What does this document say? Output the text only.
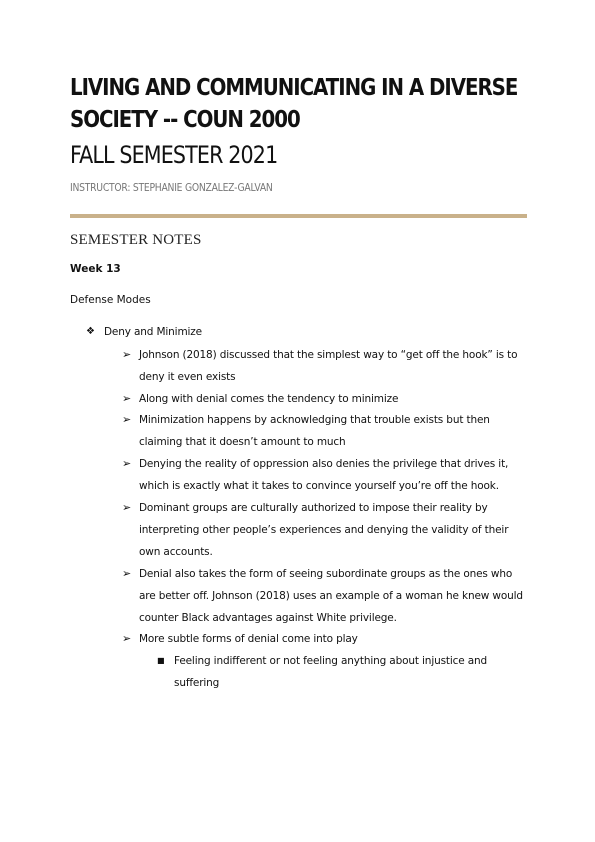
LIVING AND COMMUNICATING IN A DIVERSE
SOCIETY -- COUN 2000
FALL SEMESTER 2021

INSTRUCTOR: STEPHANIE GONZALEZ-GALVAN

SEMESTER NOTES

Week 13

Defense Modes

❖ Deny and Minimize
➢ Johnson (2018) discussed that the simplest way to “get off the hook” is to deny it even exists
➢ Along with denial comes the tendency to minimize
➢ Minimization happens by acknowledging that trouble exists but then claiming that it doesn’t amount to much
➢ Denying the reality of oppression also denies the privilege that drives it, which is exactly what it takes to convince yourself you’re off the hook.
➢ Dominant groups are culturally authorized to impose their reality by interpreting other people’s experiences and denying the validity of their own accounts.
➢ Denial also takes the form of seeing subordinate groups as the ones who are better off. Johnson (2018) uses an example of a woman he knew would counter Black advantages against White privilege.
➢ More subtle forms of denial come into play
■ Feeling indifferent or not feeling anything about injustice and suffering
